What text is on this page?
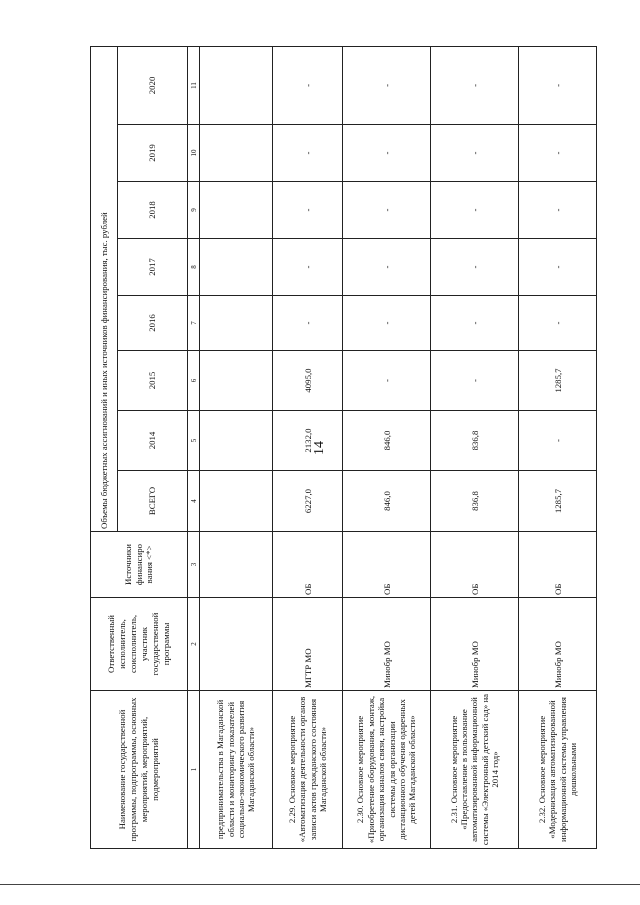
14
Наименование государственной программы, подпрограммы, основных мероприятий, мероприятий, подмероприятий	Ответственный исполнитель, соисполнитель, участник государственной программы	Источники финансиро вания <*>	Объемы бюджетных ассигнований и иных источников финансирования, тыс. рублей							
			ВСЕГО	2014	2015	2016	2017	2018	2019	2020
1	2	3	4	5	6	7	8	9	10	11
предпринимательства в Магаданской области и мониторингу показателей социально-экономического развития Магаданской области»										
2.29. Основное мероприятие «Автоматизация деятельности органов записи актов гражданского состояния Магаданской области»	МГТР МО	ОБ	6227,0	2132,0	4095,0	-	-	-	-	-
2.30. Основное мероприятие «Приобретение оборудования, монтаж, организация каналов связи, настройка системы для организации дистанционного обучения одаренных детей Магаданской области»	Минобр МО	ОБ	846,0	846,0	-	-	-	-	-	-
2.31. Основное мероприятие «Предоставление в пользование автоматизированной информационной системы «Электронный детский сад» на 2014 год»	Минобр МО	ОБ	836,8	836,8	-	-	-	-	-	-
2.32. Основное мероприятие «Модернизация автоматизированной информационной системы управления дошкольными	Минобр МО	ОБ	1285,7	-	1285,7	-	-	-	-	-
